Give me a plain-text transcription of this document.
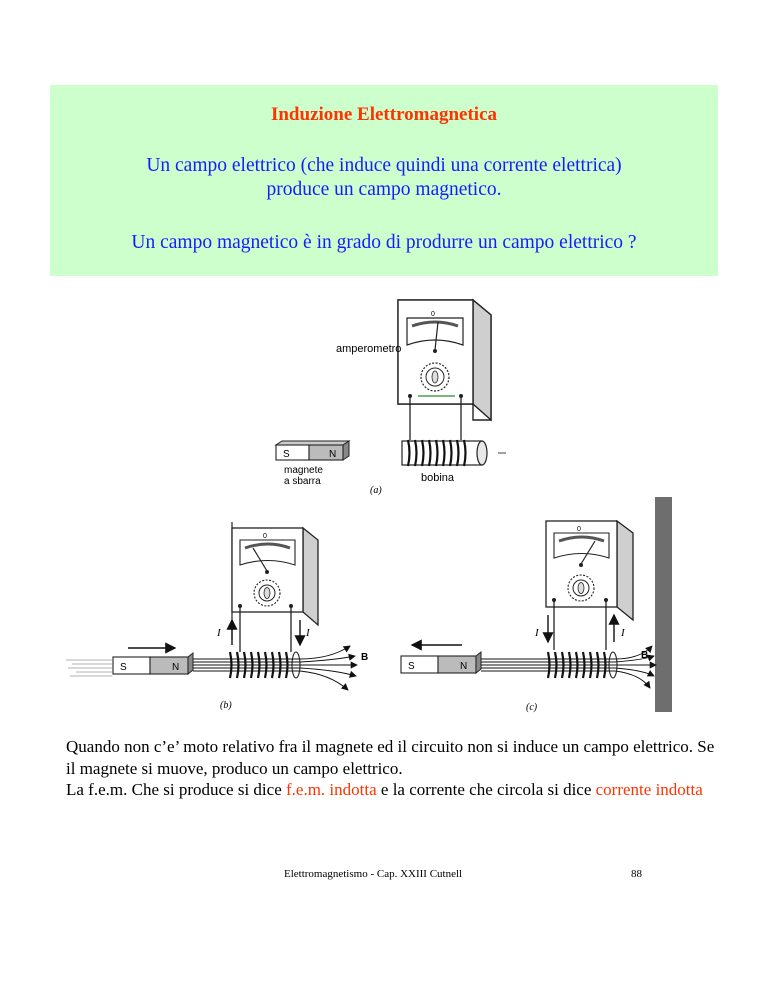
Induzione Elettromagnetica
Un campo elettrico (che induce quindi una corrente elettrica)
produce un campo magnetico.
Un campo magnetico è in grado di produrre un campo elettrico ?
0
amperometro
S	N
magnete
a sbarra	bobina
(a)
0
I	I
S	N
B
(b)
0
I	I
S	N
B
(c)
Quando non c’e’ moto relativo fra il magnete ed il circuito non si induce un campo elettrico. Se il magnete si muove, produco un campo elettrico.
La f.e.m. Che si produce si dice f.e.m. indotta e la corrente che circola si dice corrente indotta
Elettromagnetismo - Cap. XXIII Cutnell	88
